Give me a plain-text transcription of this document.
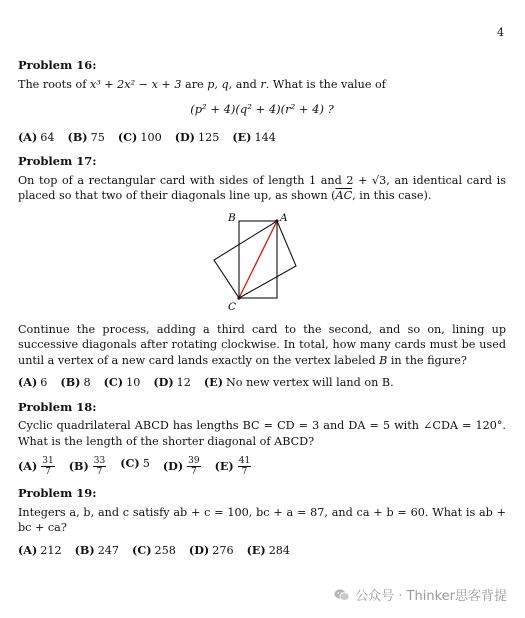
4
Problem 16:

The roots of x³ + 2x² − x + 3 are p, q, and r. What is the value of

(p² + 4)(q² + 4)(r² + 4) ?
(A) 64 (B) 75 (C) 100 (D) 125 (E) 144
Problem 17:

On top of a rectangular card with sides of length 1 and 2 + √3, an identical card is placed so that two of their diagonals line up, as shown ($\overline{AC}$, in this case).

B	A
C

Continue the process, adding a third card to the second, and so on, lining up successive diagonals after rotating clockwise. In total, how many cards must be used until a vertex of a new card lands exactly on the vertex labeled B in the figure?

(A) 6 (B) 8 (C) 10 (D) 12 (E) No new vertex will land on B.
Problem 18:

Cyclic quadrilateral ABCD has lengths BC = CD = 3 and DA = 5 with ∠CDA = 120°. What is the length of the shorter diagonal of ABCD?

$(A) \frac{31}{7} (B) \frac{33}{7} (C)$ 5 $(D) \frac{39}{7} (E) \frac{41}{7}$
Problem 19:

Integers a, b, and c satisfy ab + c = 100, bc + a = 87, and ca + b = 60. What is ab + bc + ca?

(A) 212 (B) 247 (C) 258 (D) 276 (E) 284
公众号 · Thinker思客背提
